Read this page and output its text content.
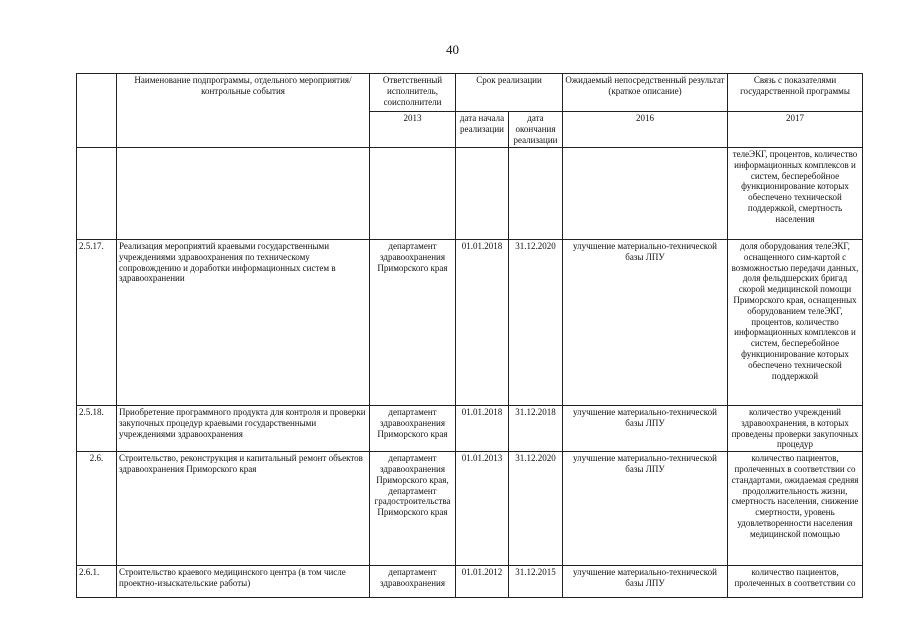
40
	Наименование подпрограммы, отдельного мероприятия/контрольные события	Ответственный исполнитель, соисполнители	Срок реализации		Ожидаемый непосредственный результат (краткое описание)	Связь с показателями государственной программы
		2013	дата начала реализации	дата окончания реализации	2016	2017
						телеЭКГ, процентов, количество информационных комплексов и систем, бесперебойное функционирование которых обеспечено технической поддержкой, смертность населения
2.5.17.	Реализация мероприятий краевыми государственными учреждениями здравоохранения по техническому сопровождению и доработки информационных систем в здравоохранении	департамент здравоохранения Приморского края	01.01.2018	31.12.2020	улучшение материально-технической базы ЛПУ	доля оборудования телеЭКГ, оснащенного сим-картой с возможностью передачи данных, доля фельдшерских бригад скорой медицинской помощи Приморского края, оснащенных оборудованием телеЭКГ, процентов, количество информационных комплексов и систем, бесперебойное функционирование которых обеспечено технической поддержкой
2.5.18.	Приобретение программного продукта для контроля и проверки закупочных процедур краевыми государственными учреждениями здравоохранения	департамент здравоохранения Приморского края	01.01.2018	31.12.2018	улучшение материально-технической базы ЛПУ	количество учреждений здравоохранения, в которых проведены проверки закупочных процедур
2.6.	Строительство, реконструкция и капитальный ремонт объектов здравоохранения Приморского края	департамент здравоохранения Приморского края, департамент градостроительства Приморского края	01.01.2013	31.12.2020	улучшение материально-технической базы ЛПУ	количество пациентов, пролеченных в соответствии со стандартами, ожидаемая средняя продолжительность жизни, смертность населения, снижение смертности, уровень удовлетворенности населения медицинской помощью
2.6.1.	Строительство краевого медицинского центра (в том числе проектно-изыскательские работы)	департамент здравоохранения	01.01.2012	31.12.2015	улучшение материально-технической базы ЛПУ	количество пациентов, пролеченных в соответствии со
